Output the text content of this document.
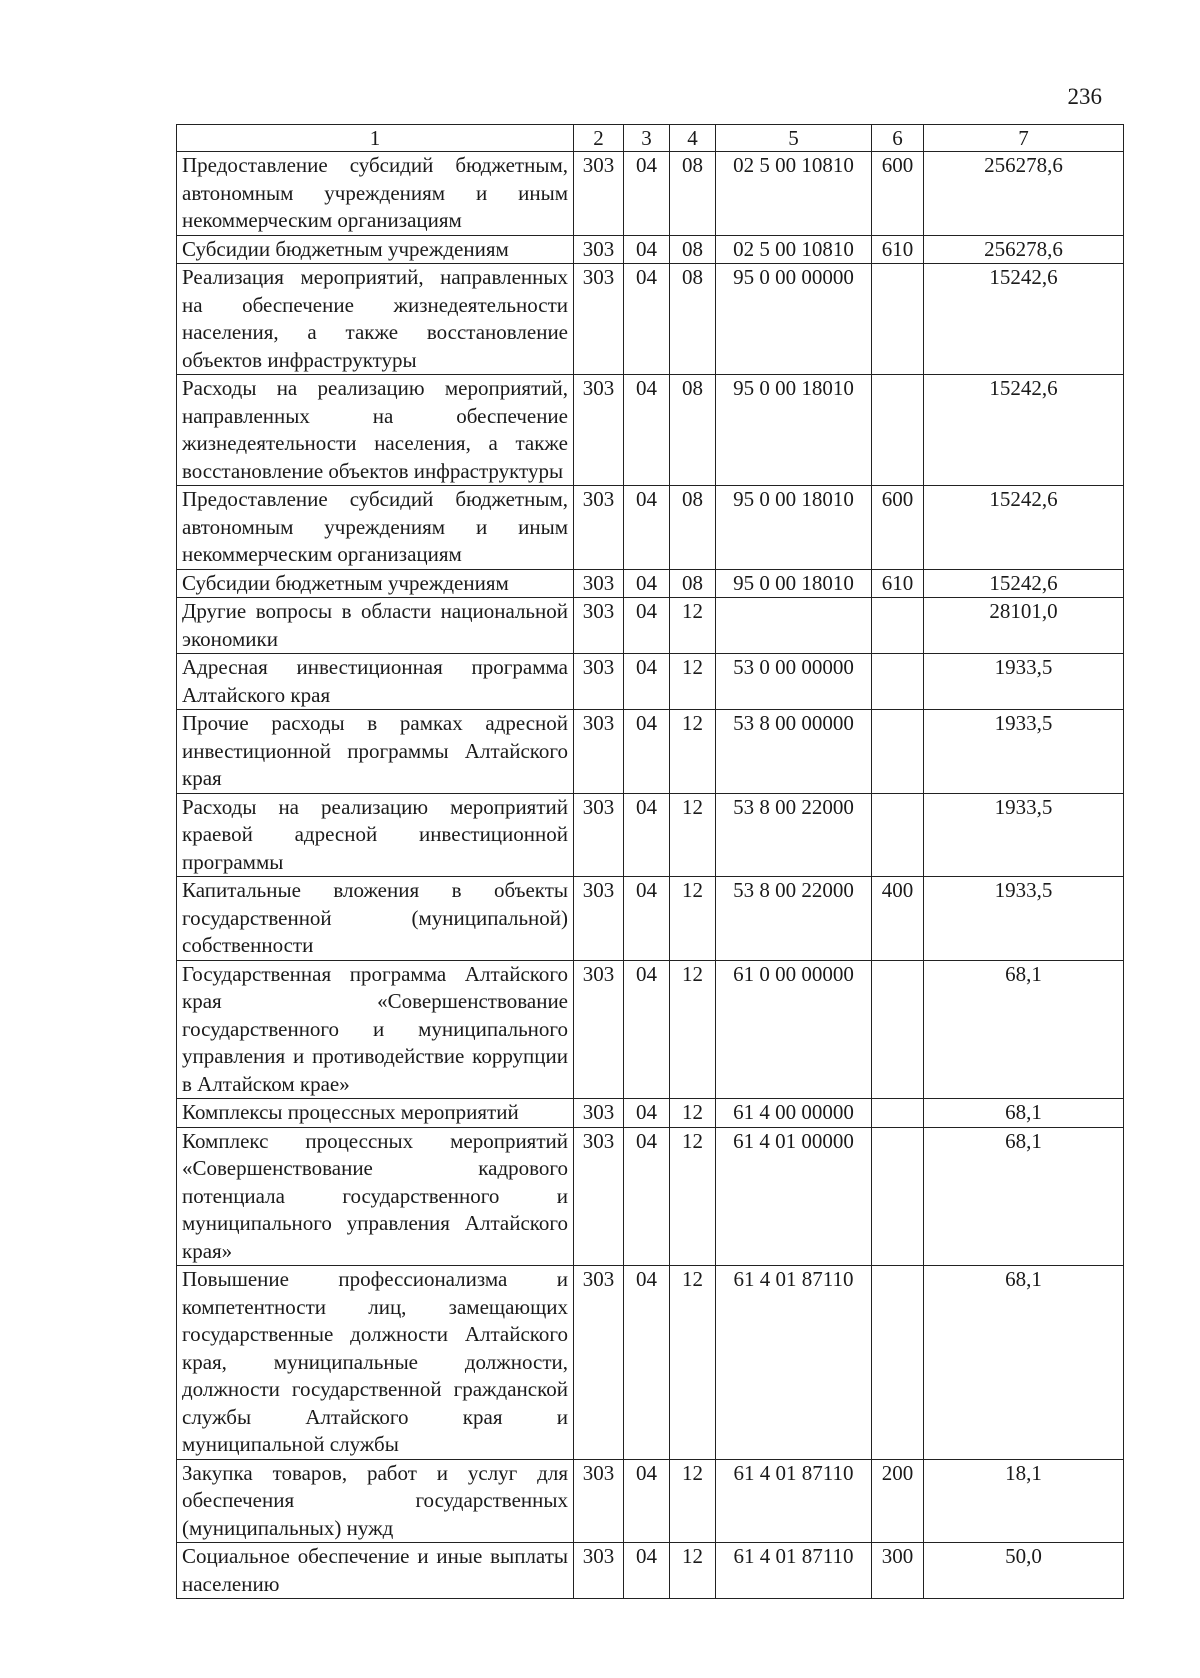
236
1	2	3	4	5	6	7
Предоставление субсидий бюджетным, автономным учреждениям и иным некоммерческим организациям	303	04	08	02 5 00 10810	600	256278,6
Субсидии бюджетным учреждениям	303	04	08	02 5 00 10810	610	256278,6
Реализация мероприятий, направленных на обеспечение жизнедеятельности населения, а также восстановление объектов инфраструктуры	303	04	08	95 0 00 00000		15242,6
Расходы на реализацию мероприятий, направленных на обеспечение жизнедеятельности населения, а также восстановление объектов инфраструктуры	303	04	08	95 0 00 18010		15242,6
Предоставление субсидий бюджетным, автономным учреждениям и иным некоммерческим организациям	303	04	08	95 0 00 18010	600	15242,6
Субсидии бюджетным учреждениям	303	04	08	95 0 00 18010	610	15242,6
Другие вопросы в области национальной экономики	303	04	12			28101,0
Адресная инвестиционная программа Алтайского края	303	04	12	53 0 00 00000		1933,5
Прочие расходы в рамках адресной инвестиционной программы Алтайского края	303	04	12	53 8 00 00000		1933,5
Расходы на реализацию мероприятий краевой адресной инвестиционной программы	303	04	12	53 8 00 22000		1933,5
Капитальные вложения в объекты государственной (муниципальной) собственности	303	04	12	53 8 00 22000	400	1933,5
Государственная программа Алтайского края «Совершенствование государственного и муниципального управления и противодействие коррупции в Алтайском крае»	303	04	12	61 0 00 00000		68,1
Комплексы процессных мероприятий	303	04	12	61 4 00 00000		68,1
Комплекс процессных мероприятий «Совершенствование кадрового потенциала государственного и муниципального управления Алтайского края»	303	04	12	61 4 01 00000		68,1
Повышение профессионализма и компетентности лиц, замещающих государственные должности Алтайского края, муниципальные должности, должности государственной гражданской службы Алтайского края и муниципальной службы	303	04	12	61 4 01 87110		68,1
Закупка товаров, работ и услуг для обеспечения государственных (муниципальных) нужд	303	04	12	61 4 01 87110	200	18,1
Социальное обеспечение и иные выплаты населению	303	04	12	61 4 01 87110	300	50,0
